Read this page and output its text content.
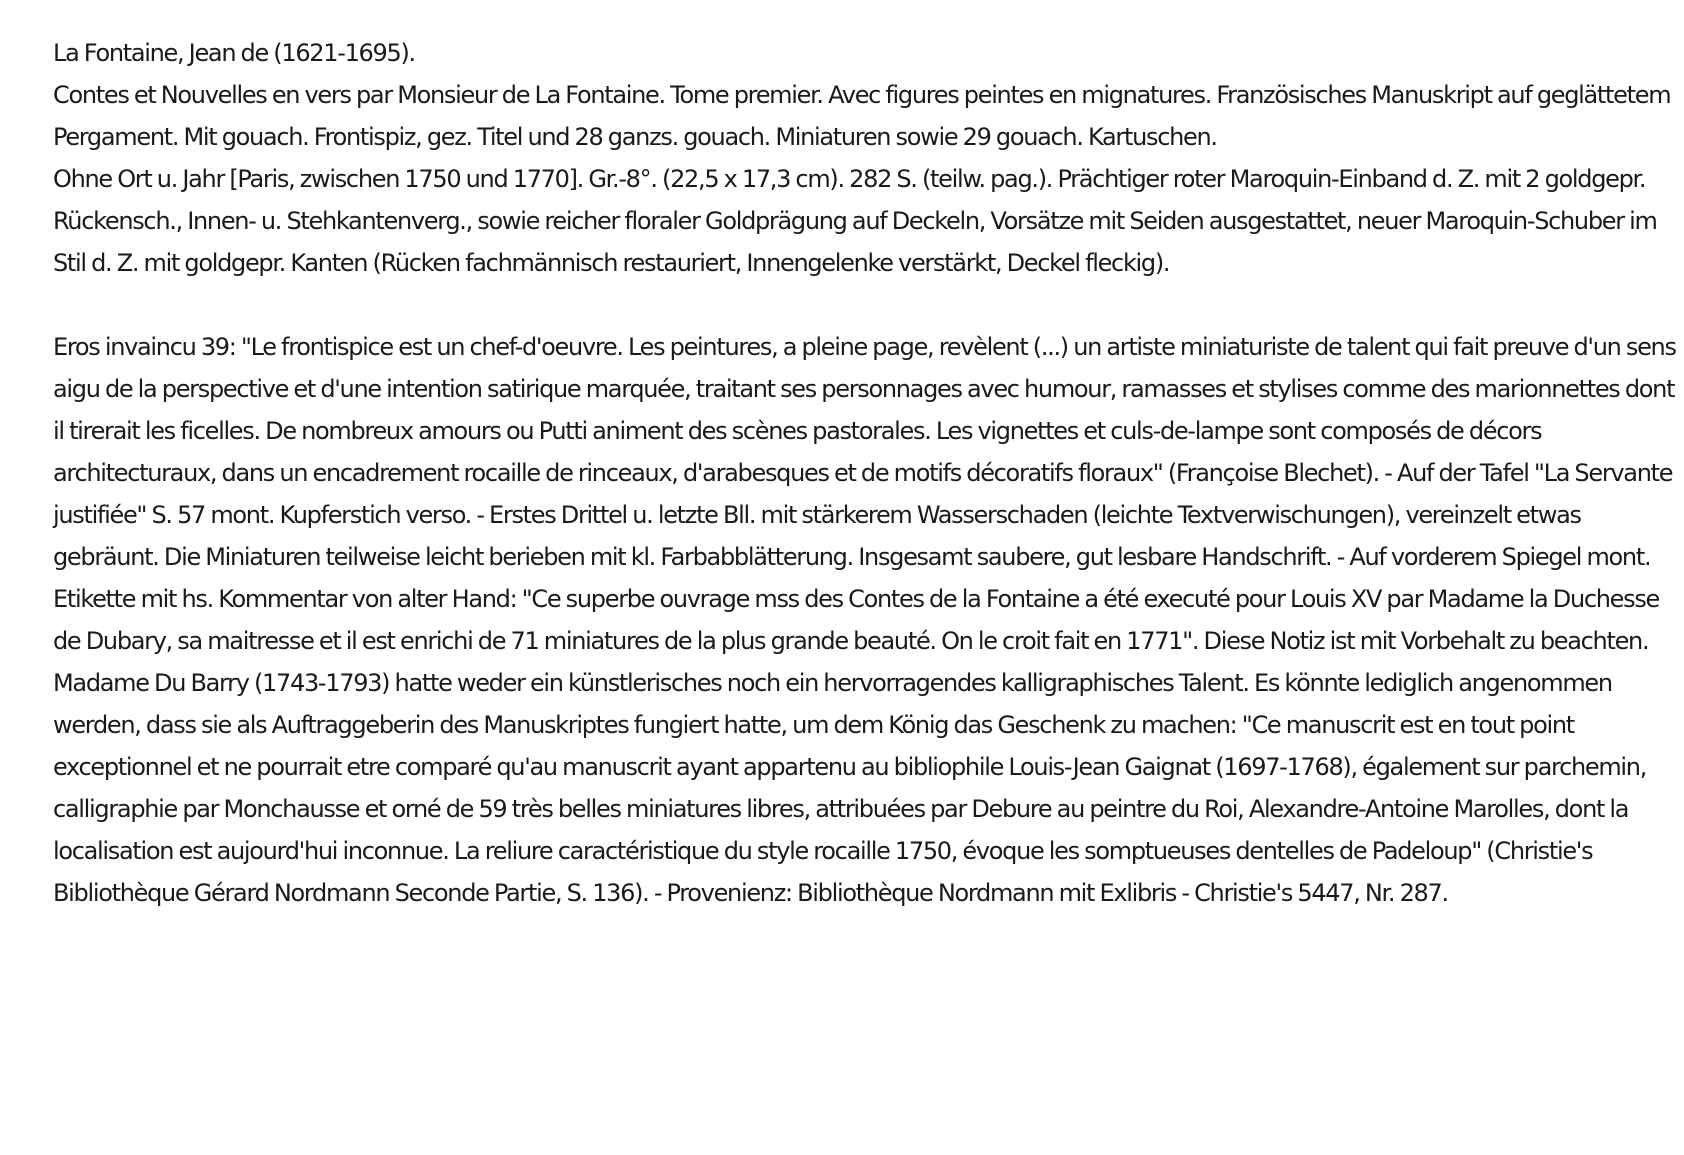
La Fontaine, Jean de (1621-1695).

Contes et Nouvelles en vers par Monsieur de La Fontaine. Tome premier. Avec figures peintes en mignatures. Französisches Manuskript auf geglättetem Pergament. Mit gouach. Frontispiz, gez. Titel und 28 ganzs. gouach. Miniaturen sowie 29 gouach. Kartuschen.

Ohne Ort u. Jahr [Paris, zwischen 1750 und 1770]. Gr.-8°. (22,5 x 17,3 cm). 282 S. (teilw. pag.). Prächtiger roter Maroquin-Einband d. Z. mit 2 goldgepr. Rückensch., Innen- u. Stehkantenverg., sowie reicher floraler Goldprägung auf Deckeln, Vorsätze mit Seiden ausgestattet, neuer Maroquin-Schuber im Stil d. Z. mit goldgepr. Kanten (Rücken fachmännisch restauriert, Innengelenke verstärkt, Deckel fleckig).

Eros invaincu 39: "Le frontispice est un chef-d'oeuvre. Les peintures, a pleine page, revèlent (...) un artiste miniaturiste de talent qui fait preuve d'un sens aigu de la perspective et d'une intention satirique marquée, traitant ses personnages avec humour, ramasses et stylises comme des marionnettes dont il tirerait les ficelles. De nombreux amours ou Putti animent des scènes pastorales. Les vignettes et culs-de-lampe sont composés de décors architecturaux, dans un encadrement rocaille de rinceaux, d'arabesques et de motifs décoratifs floraux" (Françoise Blechet). - Auf der Tafel "La Servante justifiée" S. 57 mont. Kupferstich verso. - Erstes Drittel u. letzte Bll. mit stärkerem Wasserschaden (leichte Textverwischungen), vereinzelt etwas gebräunt. Die Miniaturen teilweise leicht berieben mit kl. Farbabblätterung. Insgesamt saubere, gut lesbare Handschrift. - Auf vorderem Spiegel mont. Etikette mit hs. Kommentar von alter Hand: "Ce superbe ouvrage mss des Contes de la Fontaine a été executé pour Louis XV par Madame la Duchesse de Dubary, sa maitresse et il est enrichi de 71 miniatures de la plus grande beauté. On le croit fait en 1771". Diese Notiz ist mit Vorbehalt zu beachten. Madame Du Barry (1743-1793) hatte weder ein künstlerisches noch ein hervorragendes kalligraphisches Talent. Es könnte lediglich angenommen werden, dass sie als Auftraggeberin des Manuskriptes fungiert hatte, um dem König das Geschenk zu machen: "Ce manuscrit est en tout point exceptionnel et ne pourrait etre comparé qu'au manuscrit ayant appartenu au bibliophile Louis-Jean Gaignat (1697-1768), également sur parchemin, calligraphie par Monchausse et orné de 59 très belles miniatures libres, attribuées par Debure au peintre du Roi, Alexandre-Antoine Marolles, dont la localisation est aujourd'hui inconnue. La reliure caractéristique du style rocaille 1750, évoque les somptueuses dentelles de Padeloup" (Christie's Bibliothèque Gérard Nordmann Seconde Partie, S. 136). - Provenienz: Bibliothèque Nordmann mit Exlibris - Christie's 5447, Nr. 287.
